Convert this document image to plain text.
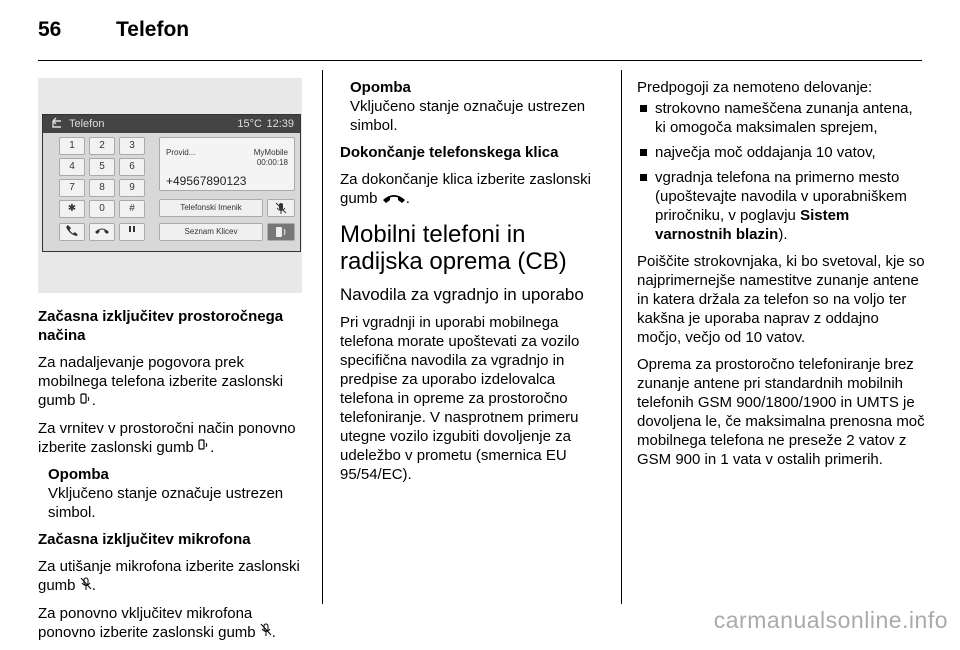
56	Telefon
Telefon	15°C 12:39
1	2	3
4	5	6
7	8	9
✱	0	#
Provid...	MyMobile
00:00:18
+49567890123
Telefonski Imenik
Seznam Klicev

Začasna izključitev prostoročnega načina

Za nadaljevanje pogovora prek mobilnega telefona izberite zaslonski gumb .

Za vrnitev v prostoročni način ponovno izberite zaslonski gumb .

Opomba
Vključeno stanje označuje ustrezen simbol.

Začasna izključitev mikrofona

Za utišanje mikrofona izberite zaslonski gumb .

Za ponovno vključitev mikrofona ponovno izberite zaslonski gumb .

Opomba
Vključeno stanje označuje ustrezen simbol.

Dokončanje telefonskega klica

Za dokončanje klica izberite zaslonski gumb .

Mobilni telefoni in radijska oprema (CB)

Navodila za vgradnjo in uporabo

Pri vgradnji in uporabi mobilnega telefona morate upoštevati za vozilo specifična navodila za vgradnjo in predpise za uporabo izdelovalca telefona in opreme za prostoročno telefoniranje. V nasprotnem primeru utegne vozilo izgubiti dovoljenje za udeležbo v prometu (smernica EU 95/54/EC).

Predpogoji za nemoteno delovanje:

strokovno nameščena zunanja antena, ki omogoča maksimalen sprejem,
največja moč oddajanja 10 vatov,
vgradnja telefona na primerno mesto (upoštevajte navodila v uporabniškem priročniku, v poglavju Sistem varnostnih blazin).

Poiščite strokovnjaka, ki bo svetoval, kje so najprimernejše namestitve zunanje antene in katera držala za telefon so na voljo ter kakšna je uporaba naprav z oddajno močjo, večjo od 10 vatov.

Oprema za prostoročno telefoniranje brez zunanje antene pri standardnih mobilnih telefonih GSM 900/1800/1900 in UMTS je dovoljena le, če maksimalna prenosna moč mobilnega telefona ne preseže 2 vatov z GSM 900 in 1 vata v ostalih primerih.

carmanualsonline.info
